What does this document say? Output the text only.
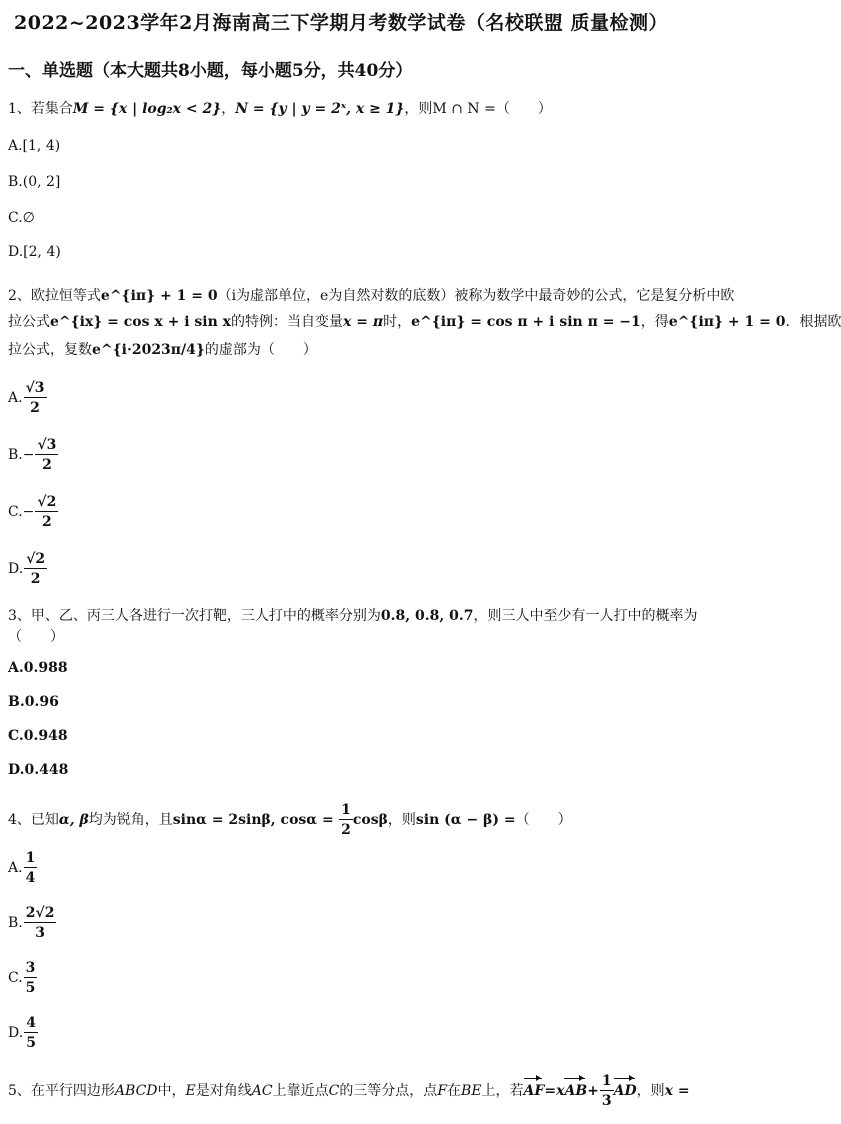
2022~2023学年2月海南高三下学期月考数学试卷（名校联盟 质量检测）
一、单选题（本大题共8小题，每小题5分，共40分）
1、若集合M = {x | log₂x < 2}，N = {y | y = 2ˣ, x ≥ 1}，则M ∩ N =（　　）
A.[1, 4)
B.(0, 2]
C.∅
D.[2, 4)
2、欧拉恒等式e^{iπ} + 1 = 0（i为虚部单位，e为自然对数的底数）被称为数学中最奇妙的公式，它是复分析中欧
拉公式e^{ix} = cos x + i sin x的特例：当自变量x = π时，e^{iπ} = cos π + i sin π = −1，得e^{iπ} + 1 = 0．根据欧
拉公式，复数e^{i·2023π/4}的虚部为（　　）
A. $\frac{√3}{2}$
$B.- \frac{√3}{2}$
$C.- \frac{√2}{2}$
D. $\frac{√2}{2}$
3、甲、乙、丙三人各进行一次打靶，三人打中的概率分别为0.8, 0.8, 0.7，则三人中至少有一人打中的概率为
（　　）
A.0.988
B.0.96
C.0.948
D.0.448
4、已知α, β均为锐角，且sinα = 2sinβ, $\cos\alpha = \frac{1}{2}$ cosβ，则sin (α − β) =（　　）
A. $\frac{1}{4}$
B. $\frac{2√2}{3}$
C. $\frac{3}{5}$
D. $\frac{4}{5}$
5、在平行四边形ABCD中，E是对角线AC上靠近点C的三等分点，点F在BE上，若$AF=xAB+ \frac{1}{3}$ AD，则x =
